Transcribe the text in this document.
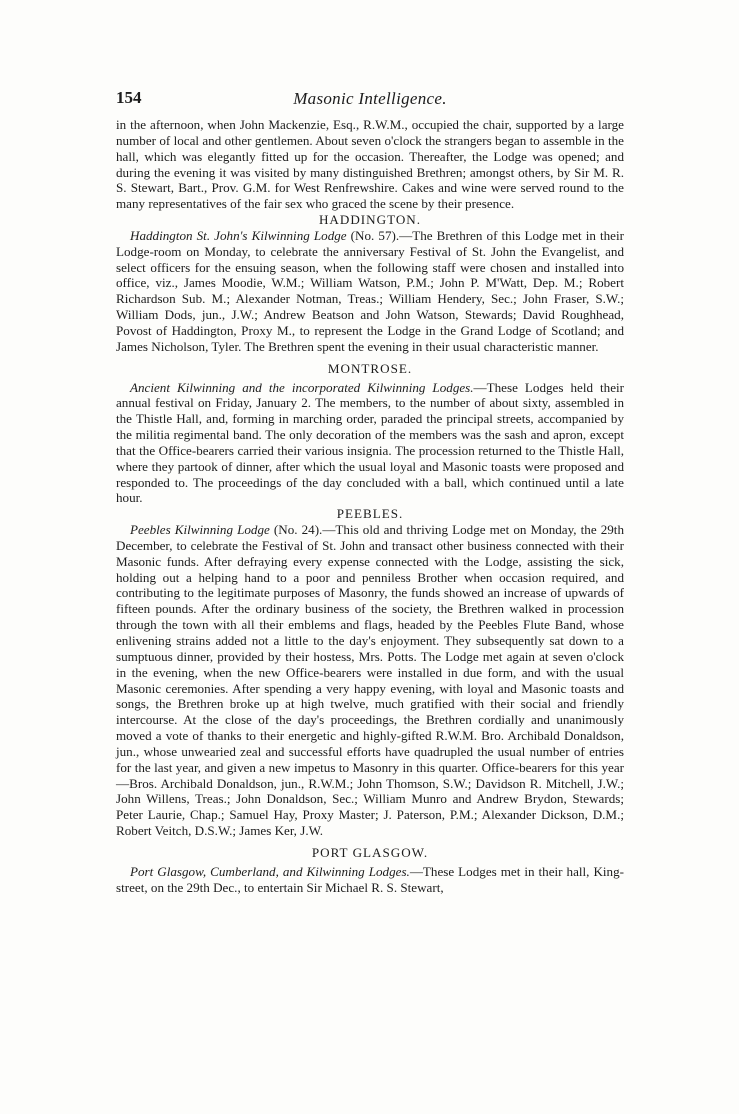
154	Masonic Intelligence.

in the afternoon, when John Mackenzie, Esq., R.W.M., occupied the chair, supported by a large number of local and other gentlemen. About seven o'clock the strangers began to assemble in the hall, which was elegantly fitted up for the occasion. Thereafter, the Lodge was opened; and during the evening it was visited by many distinguished Brethren; amongst others, by Sir M. R. S. Stewart, Bart., Prov. G.M. for West Renfrewshire. Cakes and wine were served round to the many representatives of the fair sex who graced the scene by their presence.

HADDINGTON.

Haddington St. John's Kilwinning Lodge (No. 57).—The Brethren of this Lodge met in their Lodge-room on Monday, to celebrate the anniversary Festival of St. John the Evangelist, and select officers for the ensuing season, when the following staff were chosen and installed into office, viz., James Moodie, W.M.; William Watson, P.M.; John P. M'Watt, Dep. M.; Robert Richardson Sub. M.; Alexander Notman, Treas.; William Hendery, Sec.; John Fraser, S.W.; William Dods, jun., J.W.; Andrew Beatson and John Watson, Stewards; David Roughhead, Povost of Haddington, Proxy M., to represent the Lodge in the Grand Lodge of Scotland; and James Nicholson, Tyler. The Brethren spent the evening in their usual characteristic manner.

MONTROSE.

Ancient Kilwinning and the incorporated Kilwinning Lodges.—These Lodges held their annual festival on Friday, January 2. The members, to the number of about sixty, assembled in the Thistle Hall, and, forming in marching order, paraded the principal streets, accompanied by the militia regimental band. The only decoration of the members was the sash and apron, except that the Office-bearers carried their various insignia. The procession returned to the Thistle Hall, where they partook of dinner, after which the usual loyal and Masonic toasts were proposed and responded to. The proceedings of the day concluded with a ball, which continued until a late hour.

PEEBLES.

Peebles Kilwinning Lodge (No. 24).—This old and thriving Lodge met on Monday, the 29th December, to celebrate the Festival of St. John and transact other business connected with their Masonic funds. After defraying every expense connected with the Lodge, assisting the sick, holding out a helping hand to a poor and penniless Brother when occasion required, and contributing to the legitimate purposes of Masonry, the funds showed an increase of upwards of fifteen pounds. After the ordinary business of the society, the Brethren walked in procession through the town with all their emblems and flags, headed by the Peebles Flute Band, whose enlivening strains added not a little to the day's enjoyment. They subsequently sat down to a sumptuous dinner, provided by their hostess, Mrs. Potts. The Lodge met again at seven o'clock in the evening, when the new Office-bearers were installed in due form, and with the usual Masonic ceremonies. After spending a very happy evening, with loyal and Masonic toasts and songs, the Brethren broke up at high twelve, much gratified with their social and friendly intercourse. At the close of the day's proceedings, the Brethren cordially and unanimously moved a vote of thanks to their energetic and highly-gifted R.W.M. Bro. Archibald Donaldson, jun., whose unwearied zeal and successful efforts have quadrupled the usual number of entries for the last year, and given a new impetus to Masonry in this quarter. Office-bearers for this year—Bros. Archibald Donaldson, jun., R.W.M.; John Thomson, S.W.; Davidson R. Mitchell, J.W.; John Willens, Treas.; John Donaldson, Sec.; William Munro and Andrew Brydon, Stewards; Peter Laurie, Chap.; Samuel Hay, Proxy Master; J. Paterson, P.M.; Alexander Dickson, D.M.; Robert Veitch, D.S.W.; James Ker, J.W.

PORT GLASGOW.

Port Glasgow, Cumberland, and Kilwinning Lodges.—These Lodges met in their hall, King-street, on the 29th Dec., to entertain Sir Michael R. S. Stewart,
